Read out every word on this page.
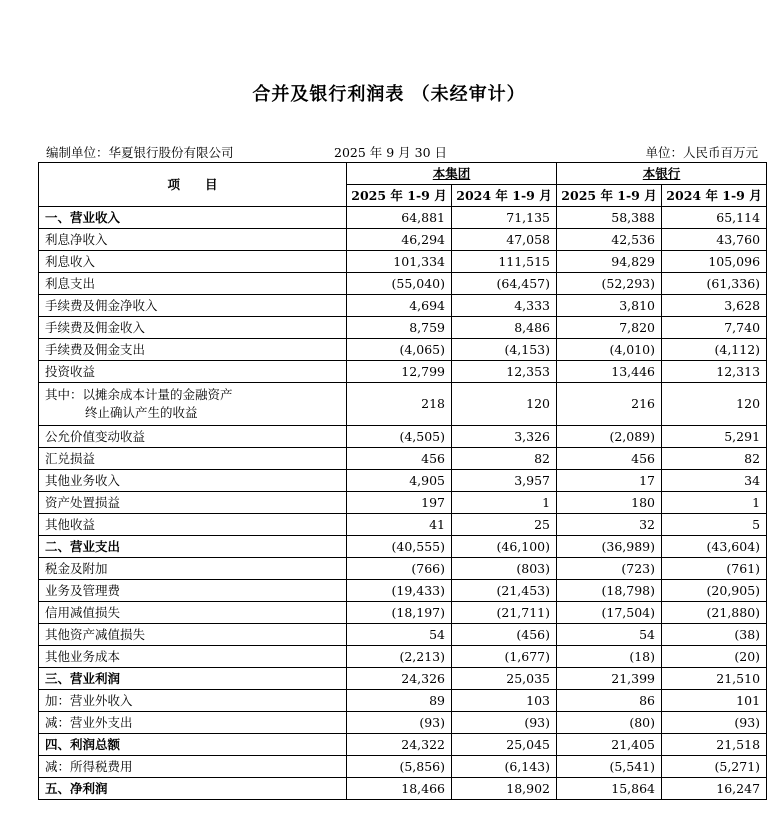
合并及银行利润表 （未经审计）
编制单位：华夏银行股份有限公司	2025 年 9 月 30 日	单位：人民币百万元
项　　目	本集团		本银行	
	2025 年 1-9 月	2024 年 1-9 月	2025 年 1-9 月	2024 年 1-9 月
一、营业收入	64,881	71,135	58,388	65,114
利息净收入	46,294	47,058	42,536	43,760
利息收入	101,334	111,515	94,829	105,096
利息支出	(55,040)	(64,457)	(52,293)	(61,336)
手续费及佣金净收入	4,694	4,333	3,810	3,628
手续费及佣金收入	8,759	8,486	7,820	7,740
手续费及佣金支出	(4,065)	(4,153)	(4,010)	(4,112)
投资收益	12,799	12,353	13,446	12,313

其中：以摊余成本计量的金融资产
终止确认产生的收益	218	120	216	120
公允价值变动收益	(4,505)	3,326	(2,089)	5,291
汇兑损益	456	82	456	82
其他业务收入	4,905	3,957	17	34
资产处置损益	197	1	180	1
其他收益	41	25	32	5
二、营业支出	(40,555)	(46,100)	(36,989)	(43,604)
税金及附加	(766)	(803)	(723)	(761)
业务及管理费	(19,433)	(21,453)	(18,798)	(20,905)
信用减值损失	(18,197)	(21,711)	(17,504)	(21,880)
其他资产减值损失	54	(456)	54	(38)
其他业务成本	(2,213)	(1,677)	(18)	(20)
三、营业利润	24,326	25,035	21,399	21,510
加：营业外收入	89	103	86	101
减：营业外支出	(93)	(93)	(80)	(93)
四、利润总额	24,322	25,045	21,405	21,518
减：所得税费用	(5,856)	(6,143)	(5,541)	(5,271)
五、净利润	18,466	18,902	15,864	16,247
